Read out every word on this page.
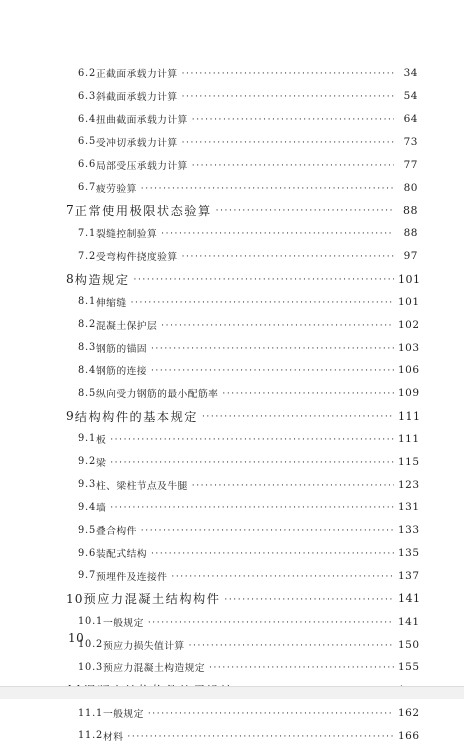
6.2 正截面承载力计算 ·····	34
6.3 斜截面承载力计算 ·····	54
6.4 扭曲截面承载力计算 ·····	64
6.5 受冲切承载力计算 ·····	73
6.6 局部受压承载力计算 ·····	77
6.7 疲劳验算 ·····	80
7 正常使用极限状态验算 ·····	88
7.1 裂缝控制验算 ·····	88
7.2 受弯构件挠度验算 ·····	97
8 构造规定 ·····	101
8.1 伸缩缝 ·····	101
8.2 混凝土保护层 ·····	102
8.3 钢筋的锚固 ·····	103
8.4 钢筋的连接 ·····	106
8.5 纵向受力钢筋的最小配筋率 ·····	109
9 结构构件的基本规定 ·····	111
9.1 板 ·····	111
9.2 梁 ·····	115
9.3 柱、梁柱节点及牛腿 ·····	123
9.4 墙 ·····	131
9.5 叠合构件 ·····	133
9.6 装配式结构 ·····	135
9.7 预埋件及连接件 ·····	137
10 预应力混凝土结构构件 ·····	141
10.1 一般规定 ·····	141
10.2 预应力损失值计算 ·····	150
10.3 预应力混凝土构造规定 ·····	155
·····
11.1 一般规定 ·····	162
11.2 材料 ·····	166
10
